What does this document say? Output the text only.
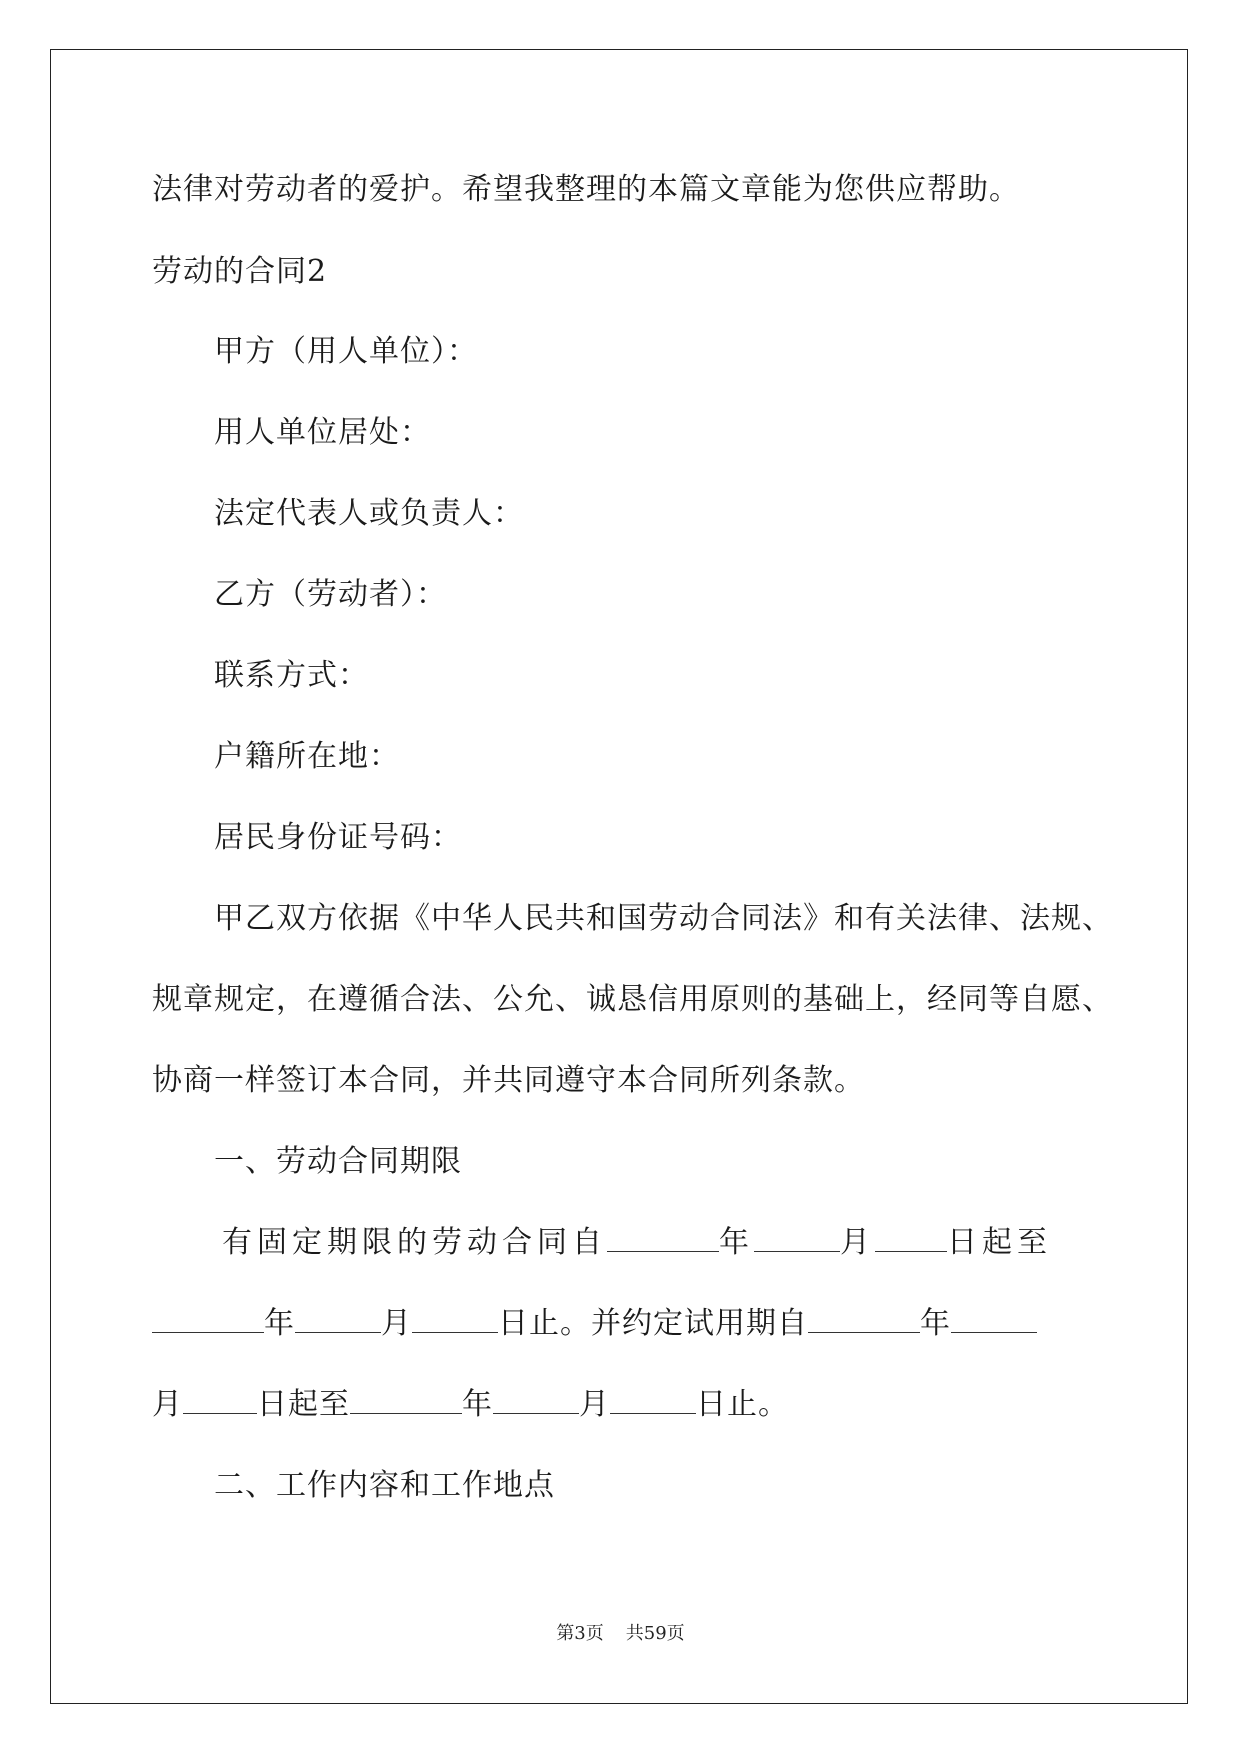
法律对劳动者的爱护。希望我整理的本篇文章能为您供应帮助。
劳动的合同2
甲方（用人单位）：
用人单位居处：
法定代表人或负责人：
乙方（劳动者）：
联系方式：
户籍所在地：
居民身份证号码：
甲乙双方依据《中华人民共和国劳动合同法》和有关法律、法规、
规章规定，在遵循合法、公允、诚恳信用原则的基础上，经同等自愿、
协商一样签订本合同，并共同遵守本合同所列条款。
一、劳动合同期限
有固定期限的劳动合同自	年	月 日起至
年	月	日止。并约定试用期自	年
月 日起至	年	月	日止。
二、工作内容和工作地点
第3页 共59页
